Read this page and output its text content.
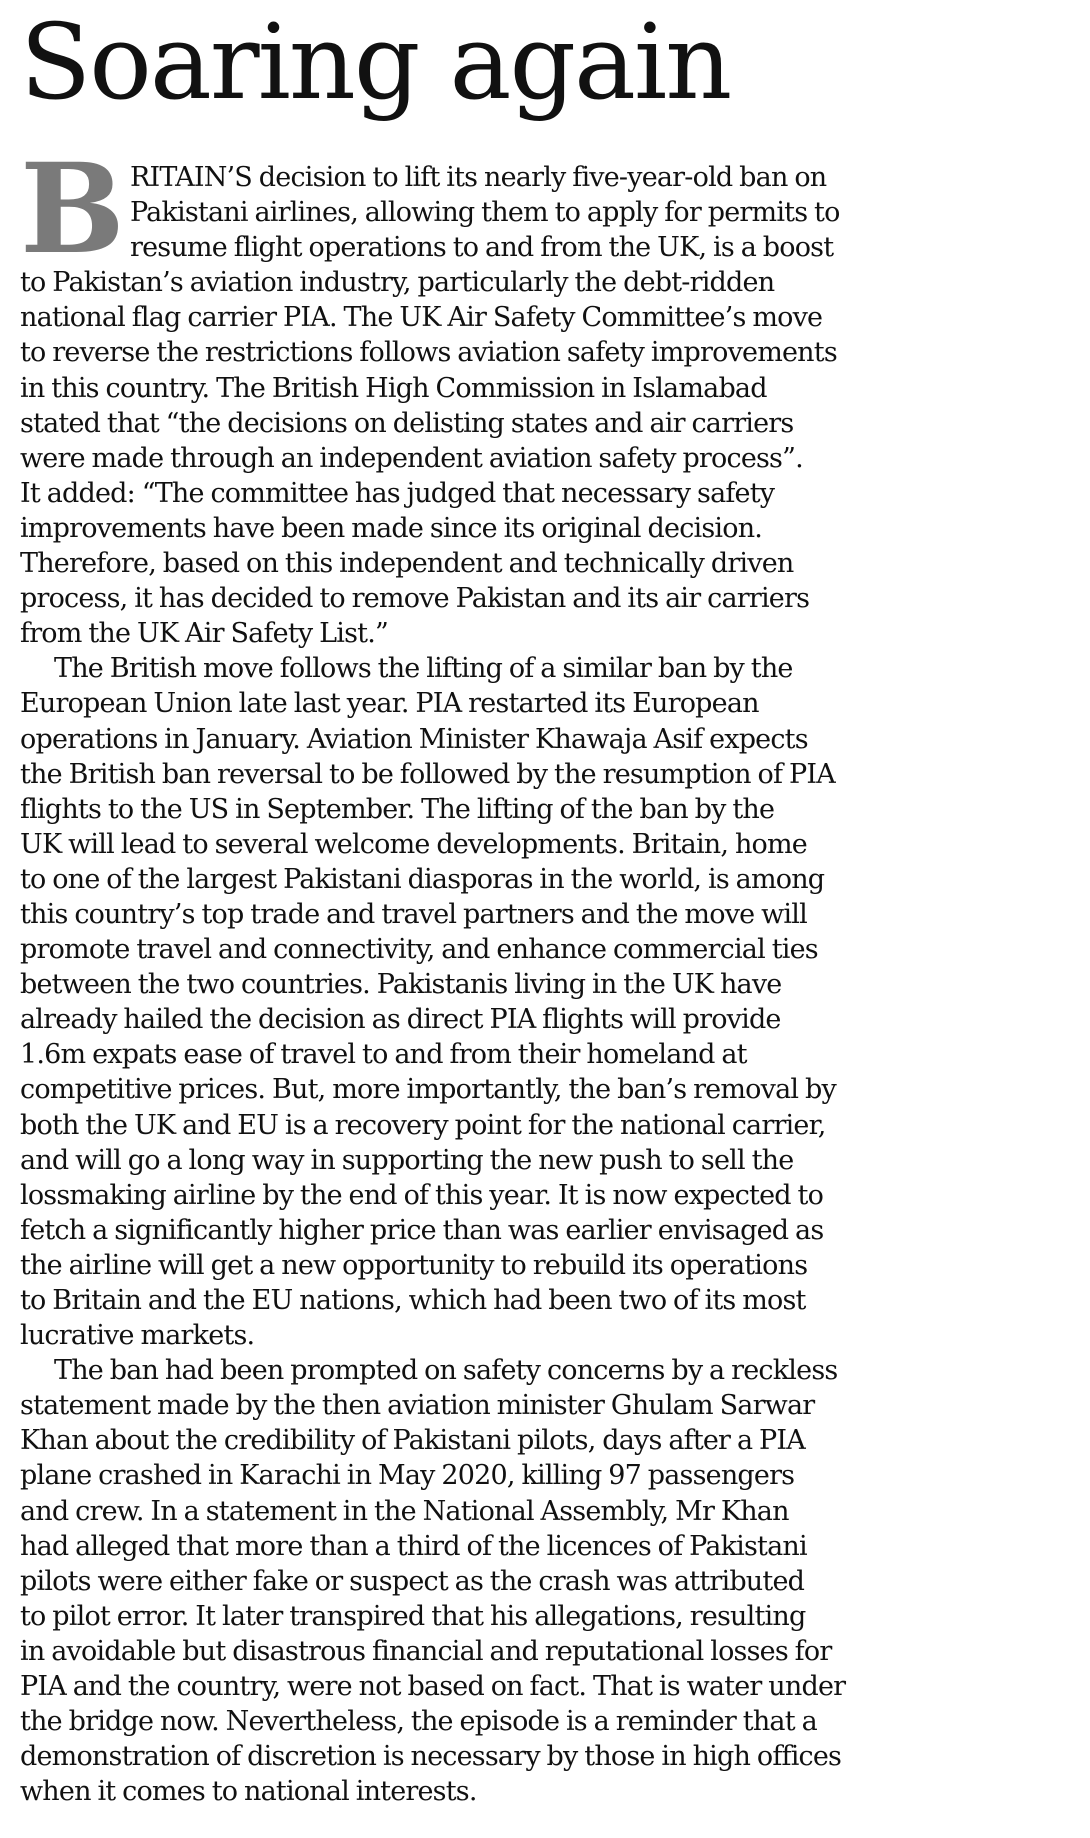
Soaring again
B RITAIN’S decision to lift its nearly five-year-old ban on
Pakistani airlines, allowing them to apply for permits to
resume flight operations to and from the UK, is a boost
to Pakistan’s aviation industry, particularly the debt-ridden
national flag carrier PIA. The UK Air Safety Committee’s move
to reverse the restrictions follows aviation safety improvements
in this country. The British High Commission in Islamabad
stated that “the decisions on delisting states and air carriers
were made through an independent aviation safety process”.
It added: “The committee has judged that necessary safety
improvements have been made since its original decision.
Therefore, based on this independent and technically driven
process, it has decided to remove Pakistan and its air carriers
from the UK Air Safety List.”
The British move follows the lifting of a similar ban by the
European Union late last year. PIA restarted its European
operations in January. Aviation Minister Khawaja Asif expects
the British ban reversal to be followed by the resumption of PIA
flights to the US in September. The lifting of the ban by the
UK will lead to several welcome developments. Britain, home
to one of the largest Pakistani diasporas in the world, is among
this country’s top trade and travel partners and the move will
promote travel and connectivity, and enhance commercial ties
between the two countries. Pakistanis living in the UK have
already hailed the decision as direct PIA flights will provide
1.6m expats ease of travel to and from their homeland at
competitive prices. But, more importantly, the ban’s removal by
both the UK and EU is a recovery point for the national carrier,
and will go a long way in supporting the new push to sell the
lossmaking airline by the end of this year. It is now expected to
fetch a significantly higher price than was earlier envisaged as
the airline will get a new opportunity to rebuild its operations
to Britain and the EU nations, which had been two of its most
lucrative markets.
The ban had been prompted on safety concerns by a reckless
statement made by the then aviation minister Ghulam Sarwar
Khan about the credibility of Pakistani pilots, days after a PIA
plane crashed in Karachi in May 2020, killing 97 passengers
and crew. In a statement in the National Assembly, Mr Khan
had alleged that more than a third of the licences of Pakistani
pilots were either fake or suspect as the crash was attributed
to pilot error. It later transpired that his allegations, resulting
in avoidable but disastrous financial and reputational losses for
PIA and the country, were not based on fact. That is water under
the bridge now. Nevertheless, the episode is a reminder that a
demonstration of discretion is necessary by those in high offices
when it comes to national interests.
